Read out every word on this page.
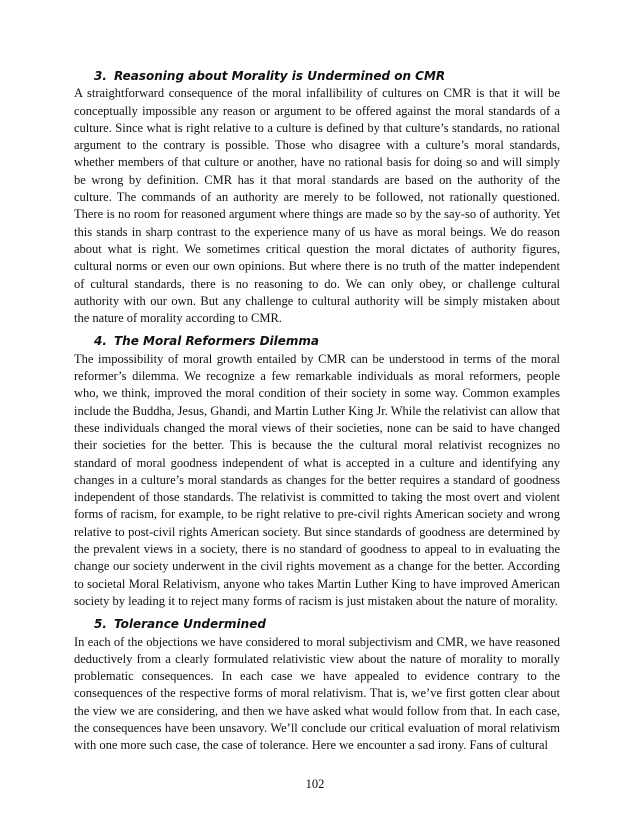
3. Reasoning about Morality is Undermined on CMR

A straightforward consequence of the moral infallibility of cultures on CMR is that it will be conceptually impossible any reason or argument to be offered against the moral standards of a culture. Since what is right relative to a culture is defined by that culture’s standards, no rational argument to the contrary is possible. Those who disagree with a culture’s moral standards, whether members of that culture or another, have no rational basis for doing so and will simply be wrong by definition. CMR has it that moral standards are based on the authority of the culture. The commands of an authority are merely to be followed, not rationally questioned. There is no room for reasoned argument where things are made so by the say-so of authority. Yet this stands in sharp contrast to the experience many of us have as moral beings. We do reason about what is right. We sometimes critical question the moral dictates of authority figures, cultural norms or even our own opinions. But where there is no truth of the matter independent of cultural standards, there is no reasoning to do. We can only obey, or challenge cultural authority with our own. But any challenge to cultural authority will be simply mistaken about the nature of morality according to CMR.

4. The Moral Reformers Dilemma

The impossibility of moral growth entailed by CMR can be understood in terms of the moral reformer’s dilemma. We recognize a few remarkable individuals as moral reformers, people who, we think, improved the moral condition of their society in some way. Common examples include the Buddha, Jesus, Ghandi, and Martin Luther King Jr. While the relativist can allow that these individuals changed the moral views of their societies, none can be said to have changed their societies for the better. This is because the the cultural moral relativist recognizes no standard of moral goodness independent of what is accepted in a culture and identifying any changes in a culture’s moral standards as changes for the better requires a standard of goodness independent of those standards. The relativist is committed to taking the most overt and violent forms of racism, for example, to be right relative to pre-civil rights American society and wrong relative to post-civil rights American society. But since standards of goodness are determined by the prevalent views in a society, there is no standard of goodness to appeal to in evaluating the change our society underwent in the civil rights movement as a change for the better. According to societal Moral Relativism, anyone who takes Martin Luther King to have improved American society by leading it to reject many forms of racism is just mistaken about the nature of morality.

5. Tolerance Undermined

In each of the objections we have considered to moral subjectivism and CMR, we have reasoned deductively from a clearly formulated relativistic view about the nature of morality to morally problematic consequences. In each case we have appealed to evidence contrary to the consequences of the respective forms of moral relativism. That is, we’ve first gotten clear about the view we are considering, and then we have asked what would follow from that. In each case, the consequences have been unsavory. We’ll conclude our critical evaluation of moral relativism with one more such case, the case of tolerance. Here we encounter a sad irony. Fans of cultural

102
